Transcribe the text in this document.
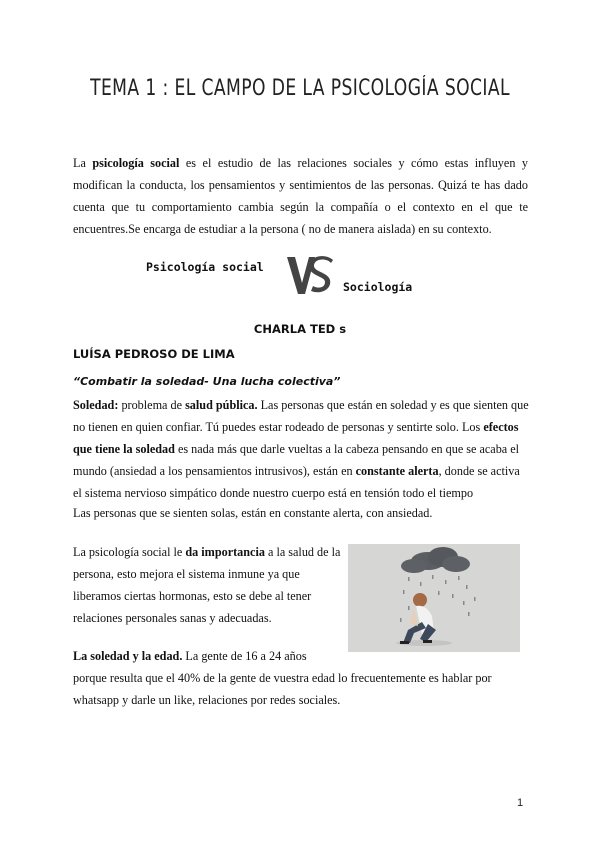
TEMA 1 : EL CAMPO DE LA PSICOLOGÍA SOCIAL
La psicología social es el estudio de las relaciones sociales y cómo estas influyen y modifican la conducta, los pensamientos y sentimientos de las personas. Quizá te has dado cuenta que tu comportamiento cambia según la compañía o el contexto en el que te encuentres.Se encarga de estudiar a la persona ( no de manera aislada) en su contexto.
Psicología social
Sociología
CHARLA TED s
LUÍSA PEDROSO DE LIMA
“Combatir la soledad- Una lucha colectiva”
Soledad: problema de salud pública. Las personas que están en soledad y es que sienten que
no tienen en quien confiar. Tú puedes estar rodeado de personas y sentirte solo. Los efectos
que tiene la soledad es nada más que darle vueltas a la cabeza pensando en que se acaba el
mundo (ansiedad a los pensamientos intrusivos), están en constante alerta, donde se activa
el sistema nervioso simpático donde nuestro cuerpo está en tensión todo el tiempo
Las personas que se sienten solas, están en constante alerta, con ansiedad.
La psicología social le da importancia a la salud de la
persona, esto mejora el sistema inmune ya que
liberamos ciertas hormonas, esto se debe al tener
relaciones personales sanas y adecuadas.
La soledad y la edad. La gente de 16 a 24 años
porque resulta que el 40% de la gente de vuestra edad lo frecuentemente es hablar por
whatsapp y darle un like, relaciones por redes sociales.
1
